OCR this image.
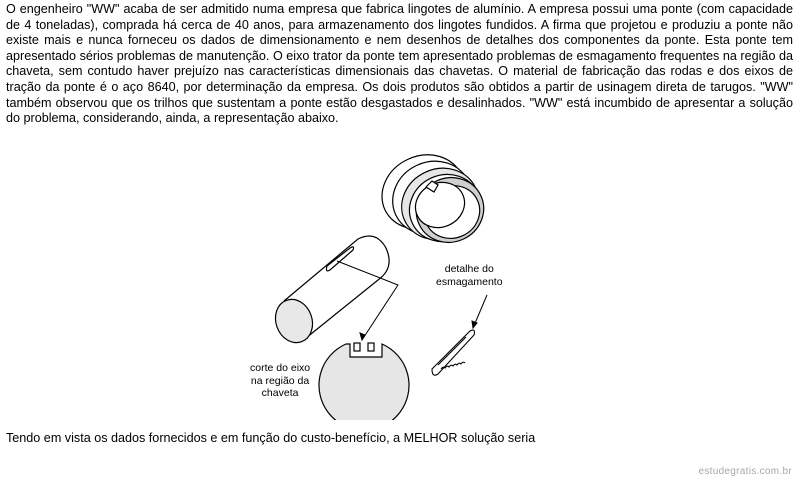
O engenheiro "WW" acaba de ser admitido numa empresa que fabrica lingotes de alumínio. A empresa possui uma ponte (com capacidade de 4 toneladas), comprada há cerca de 40 anos, para armazenamento dos lingotes fundidos. A firma que projetou e produziu a ponte não existe mais e nunca forneceu os dados de dimensionamento e nem desenhos de detalhes dos componentes da ponte. Esta ponte tem apresentado sérios problemas de manutenção. O eixo trator da ponte tem apresentado problemas de esmagamento frequentes na região da chaveta, sem contudo haver prejuízo nas características dimensionais das chavetas. O material de fabricação das rodas e dos eixos de tração da ponte é o aço 8640, por determinação da empresa. Os dois produtos são obtidos a partir de usinagem direta de tarugos. "WW" também observou que os trilhos que sustentam a ponte estão desgastados e desalinhados. "WW" está incumbido de apresentar a solução do problema, considerando, ainda, a representação abaixo.

detalhe do
esmagamento
corte do eixo
na região da
chaveta

Tendo em vista os dados fornecidos e em função do custo-benefício, a MELHOR solução seria

estudegratis.com.br
